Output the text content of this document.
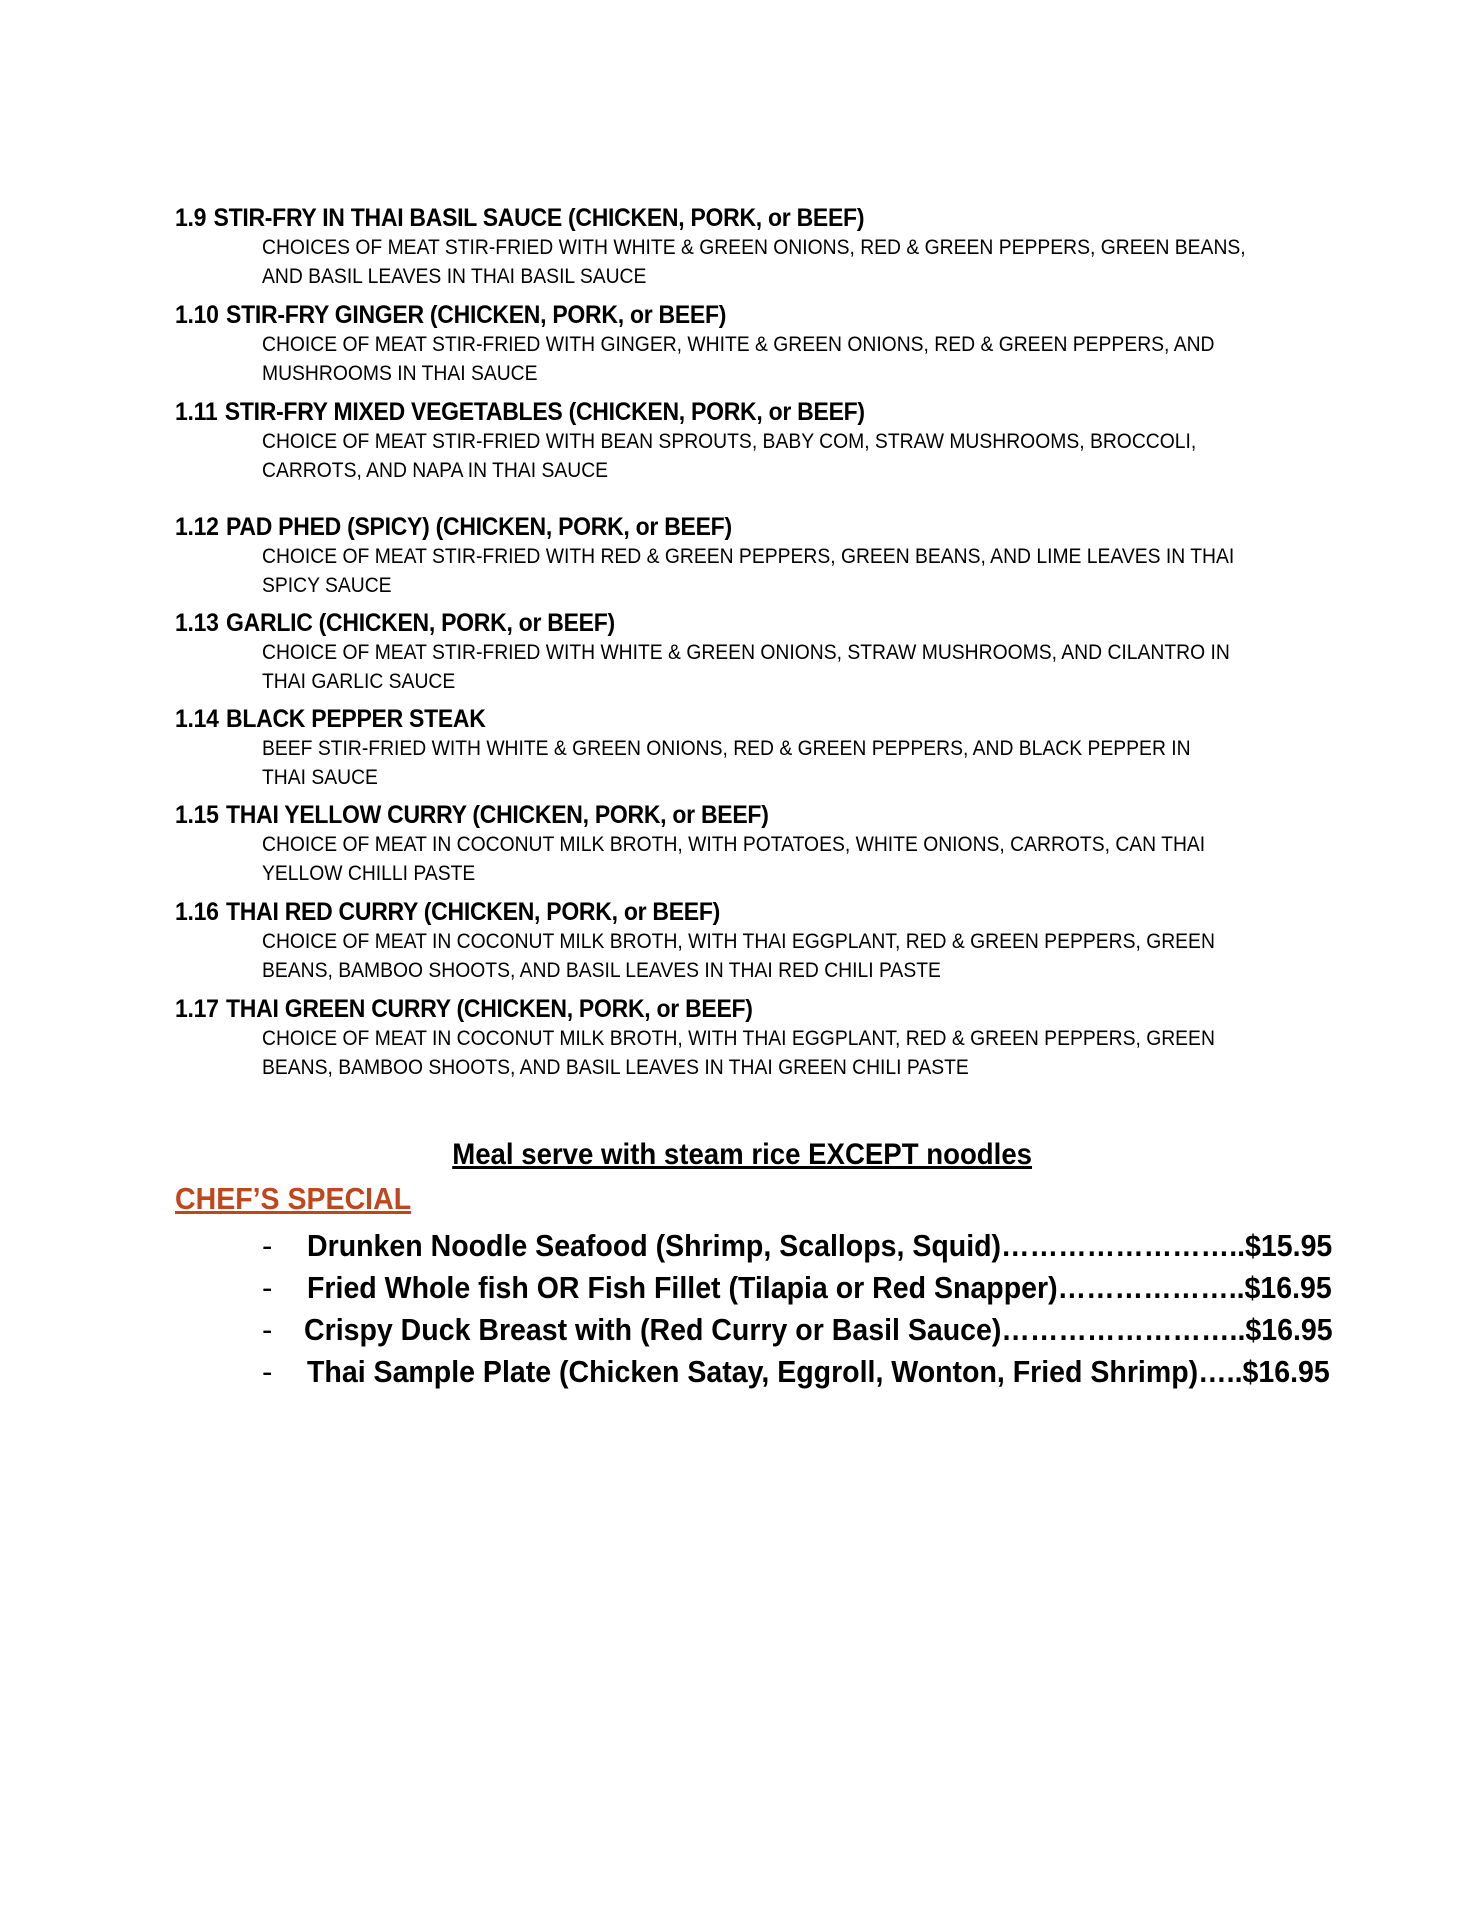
1.9 STIR-FRY IN THAI BASIL SAUCE (CHICKEN, PORK, or BEEF)
CHOICES OF MEAT STIR-FRIED WITH WHITE & GREEN ONIONS, RED & GREEN PEPPERS, GREEN BEANS,
AND BASIL LEAVES IN THAI BASIL SAUCE
1.10 STIR-FRY GINGER (CHICKEN, PORK, or BEEF)
CHOICE OF MEAT STIR-FRIED WITH GINGER, WHITE & GREEN ONIONS, RED & GREEN PEPPERS, AND
MUSHROOMS IN THAI SAUCE
1.11 STIR-FRY MIXED VEGETABLES (CHICKEN, PORK, or BEEF)
CHOICE OF MEAT STIR-FRIED WITH BEAN SPROUTS, BABY COM, STRAW MUSHROOMS, BROCCOLI,
CARROTS, AND NAPA IN THAI SAUCE
1.12 PAD PHED (SPICY) (CHICKEN, PORK, or BEEF)
CHOICE OF MEAT STIR-FRIED WITH RED & GREEN PEPPERS, GREEN BEANS, AND LIME LEAVES IN THAI
SPICY SAUCE
1.13 GARLIC (CHICKEN, PORK, or BEEF)
CHOICE OF MEAT STIR-FRIED WITH WHITE & GREEN ONIONS, STRAW MUSHROOMS, AND CILANTRO IN
THAI GARLIC SAUCE
1.14 BLACK PEPPER STEAK
BEEF STIR-FRIED WITH WHITE & GREEN ONIONS, RED & GREEN PEPPERS, AND BLACK PEPPER IN
THAI SAUCE
1.15 THAI YELLOW CURRY (CHICKEN, PORK, or BEEF)
CHOICE OF MEAT IN COCONUT MILK BROTH, WITH POTATOES, WHITE ONIONS, CARROTS, CAN THAI
YELLOW CHILLI PASTE
1.16 THAI RED CURRY (CHICKEN, PORK, or BEEF)
CHOICE OF MEAT IN COCONUT MILK BROTH, WITH THAI EGGPLANT, RED & GREEN PEPPERS, GREEN
BEANS, BAMBOO SHOOTS, AND BASIL LEAVES IN THAI RED CHILI PASTE
1.17 THAI GREEN CURRY (CHICKEN, PORK, or BEEF)
CHOICE OF MEAT IN COCONUT MILK BROTH, WITH THAI EGGPLANT, RED & GREEN PEPPERS, GREEN
BEANS, BAMBOO SHOOTS, AND BASIL LEAVES IN THAI GREEN CHILI PASTE
Meal serve with steam rice EXCEPT noodles
CHEF’S SPECIAL
- Drunken Noodle Seafood (Shrimp, Scallops, Squid)……………………..$15.95
- Fried Whole fish OR Fish Fillet (Tilapia or Red Snapper)………………..$16.95
- Crispy Duck Breast with (Red Curry or Basil Sauce)……………………..$16.95
- Thai Sample Plate (Chicken Satay, Eggroll, Wonton, Fried Shrimp)…..$16.95
